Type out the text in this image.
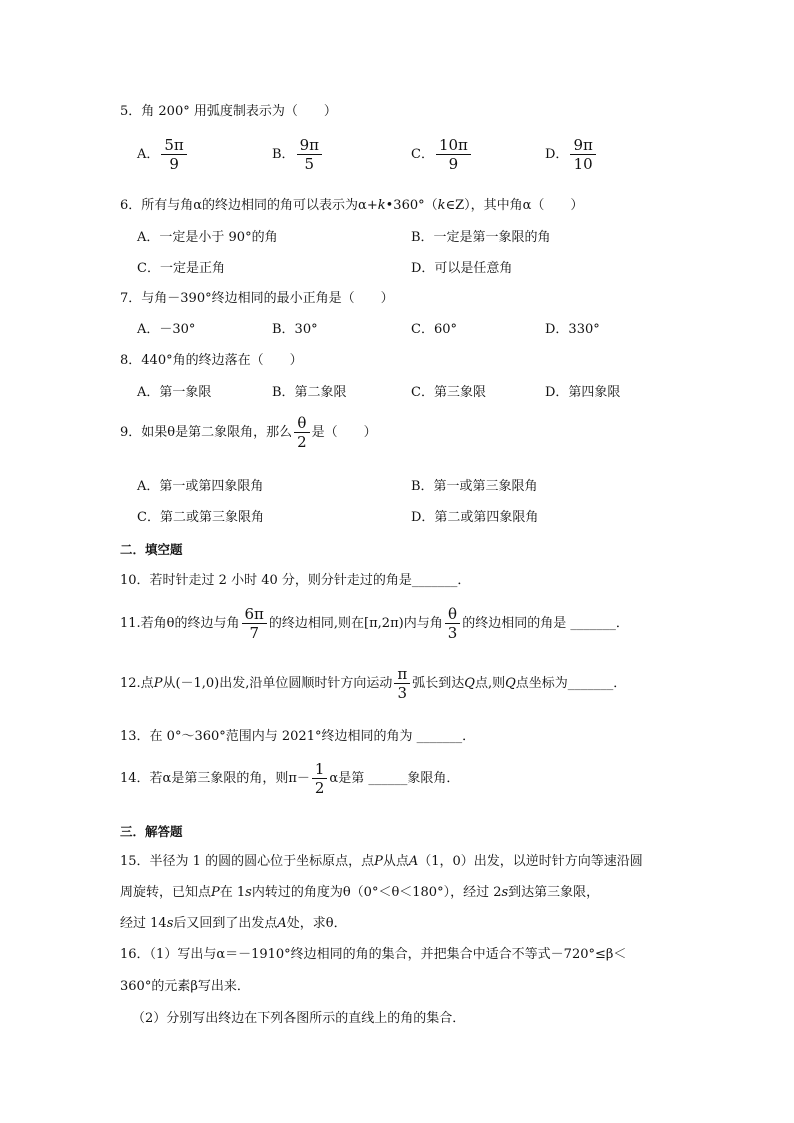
5．角 200° 用弧度制表示为（　　）
A． $\frac{5\pi}{9}$	B． $\frac{9\pi}{5}$	C． $\frac{10\pi}{9}$	D． $\frac{9\pi}{10}$
6．所有与角α的终边相同的角可以表示为α+k•360°（k∈Z），其中角α（　　）
A．一定是小于 90°的角	B．一定是第一象限的角
C．一定是正角	D．可以是任意角
7．与角－390°终边相同的最小正角是（　　）
A．－30°	B．30°	C．60°	D．330°
8．440°角的终边落在（　　）
A．第一象限	B．第二象限	C．第三象限	D．第四象限
9．如果θ是第二象限角，那么 $\frac{\theta}{2}$ 是（　　）
A．第一或第四象限角	B．第一或第三象限角
C．第二或第三象限角	D．第二或第四象限角
二．填空题
10．若时针走过 2 小时 40 分，则分针走过的角是_______．
11.若角θ的终边与角 $\frac{6\pi}{7}$ 的终边相同,则在[π,2π)内与角 $\frac{\theta}{3}$ 的终边相同的角是 _______．
12.点P从(－1,0)出发,沿单位圆顺时针方向运动 $\frac{\pi}{3}$ 弧长到达Q点,则Q点坐标为_______．
13．在 0°～360°范围内与 2021°终边相同的角为 _______．
14．若α是第三象限的角，则$\pi- \frac{1}{2}$ α是第 ______象限角．
三．解答题
15．半径为 1 的圆的圆心位于坐标原点，点P从点A（1，0）出发，以逆时针方向等速沿圆
周旋转，已知点P在 1s内转过的角度为θ（0°＜θ＜180°），经过 2s到达第三象限，
经过 14s后又回到了出发点A处，求θ．
16．（1）写出与α＝－1910°终边相同的角的集合，并把集合中适合不等式－720°≤β＜
360°的元素β写出来．
（2）分别写出终边在下列各图所示的直线上的角的集合．
